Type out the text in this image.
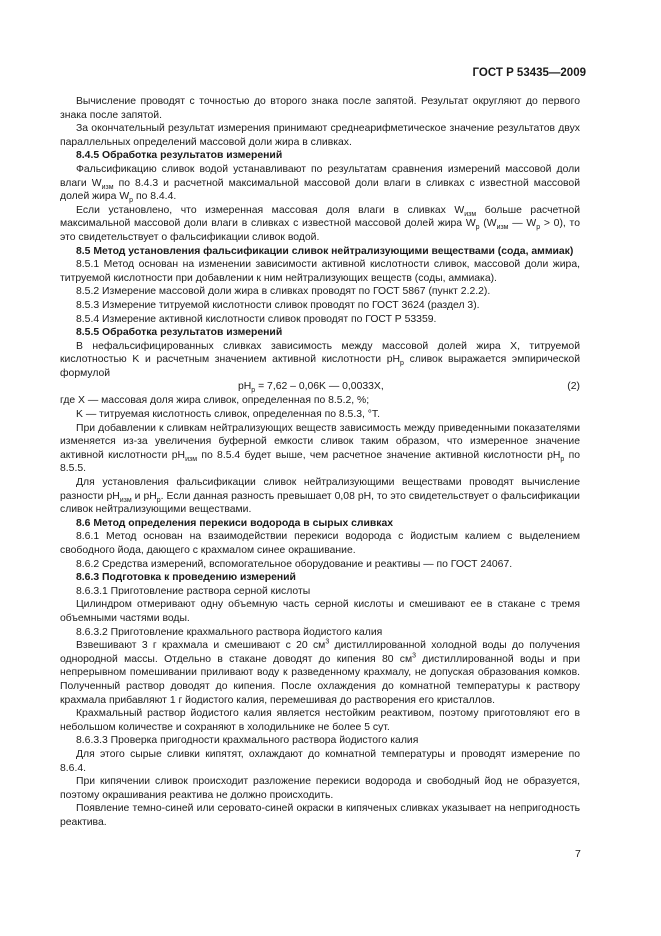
ГОСТ Р 53435—2009

Вычисление проводят с точностью до второго знака после запятой. Результат округляют до первого знака после запятой.

За окончательный результат измерения принимают среднеарифметическое значение результатов двух параллельных определений массовой доли жира в сливках.

8.4.5 Обработка результатов измерений

Фальсификацию сливок водой устанавливают по результатам сравнения измерений массовой доли влаги $W_{изм}$ по 8.4.3 и расчетной максимальной массовой доли влаги в сливках с известной массовой долей жира $W_р$ по 8.4.4.

Если установлено, что измеренная массовая доля влаги в сливках $W_{изм}$ больше расчетной максимальной массовой доли влаги в сливках с известной массовой долей жира $W_р$ ($W_{изм}$ — $W_р > 0$), то это свидетельствует о фальсификации сливок водой.

8.5 Метод установления фальсификации сливок нейтрализующими веществами (сода, аммиак)

8.5.1 Метод основан на изменении зависимости активной кислотности сливок, массовой доли жира, титруемой кислотности при добавлении к ним нейтрализующих веществ (соды, аммиака).

8.5.2 Измерение массовой доли жира в сливках проводят по ГОСТ 5867 (пункт 2.2.2).

8.5.3 Измерение титруемой кислотности сливок проводят по ГОСТ 3624 (раздел 3).

8.5.4 Измерение активной кислотности сливок проводят по ГОСТ Р 53359.

8.5.5 Обработка результатов измерений

В нефальсифицированных сливках зависимость между массовой долей жира X, титруемой кислотностью K и расчетным значением активной кислотности $pH_р$ сливок выражается эмпирической формулой

$pH_р = 7,62 - 0,06K$ — 0,0033X,	(2)

где X — массовая доля жира сливок, определенная по 8.5.2, %;

K — титруемая кислотность сливок, определенная по 8.5.3, °Т.

При добавлении к сливкам нейтрализующих веществ зависимость между приведенными показателями изменяется из-за увеличения буферной емкости сливок таким образом, что измеренное значение активной кислотности $pH_{изм}$ по 8.5.4 будет выше, чем расчетное значение активной кислотности $pH_р$ по 8.5.5.

Для установления фальсификации сливок нейтрализующими веществами проводят вычисление разности $pH_{изм}$ и $pH_р$. Если данная разность превышает 0,08 pH, то это свидетельствует о фальсификации сливок нейтрализующими веществами.

8.6 Метод определения перекиси водорода в сырых сливках

8.6.1 Метод основан на взаимодействии перекиси водорода с йодистым калием с выделением свободного йода, дающего с крахмалом синее окрашивание.

8.6.2 Средства измерений, вспомогательное оборудование и реактивы — по ГОСТ 24067.

8.6.3 Подготовка к проведению измерений

8.6.3.1 Приготовление раствора серной кислоты

Цилиндром отмеривают одну объемную часть серной кислоты и смешивают ее в стакане с тремя объемными частями воды.

8.6.3.2 Приготовление крахмального раствора йодистого калия

Взвешивают 3 г крахмала и смешивают с 20 $см^3$ дистиллированной холодной воды до получения однородной массы. Отдельно в стакане доводят до кипения 80 $см^3$ дистиллированной воды и при непрерывном помешивании приливают воду к разведенному крахмалу, не допуская образования комков. Полученный раствор доводят до кипения. После охлаждения до комнатной температуры к раствору крахмала прибавляют 1 г йодистого калия, перемешивая до растворения его кристаллов.

Крахмальный раствор йодистого калия является нестойким реактивом, поэтому приготовляют его в небольшом количестве и сохраняют в холодильнике не более 5 сут.

8.6.3.3 Проверка пригодности крахмального раствора йодистого калия

Для этого сырые сливки кипятят, охлаждают до комнатной температуры и проводят измерение по 8.6.4.

При кипячении сливок происходит разложение перекиси водорода и свободный йод не образуется, поэтому окрашивания реактива не должно происходить.

Появление темно-синей или серовато-синей окраски в кипяченых сливках указывает на непригодность реактива.

7
